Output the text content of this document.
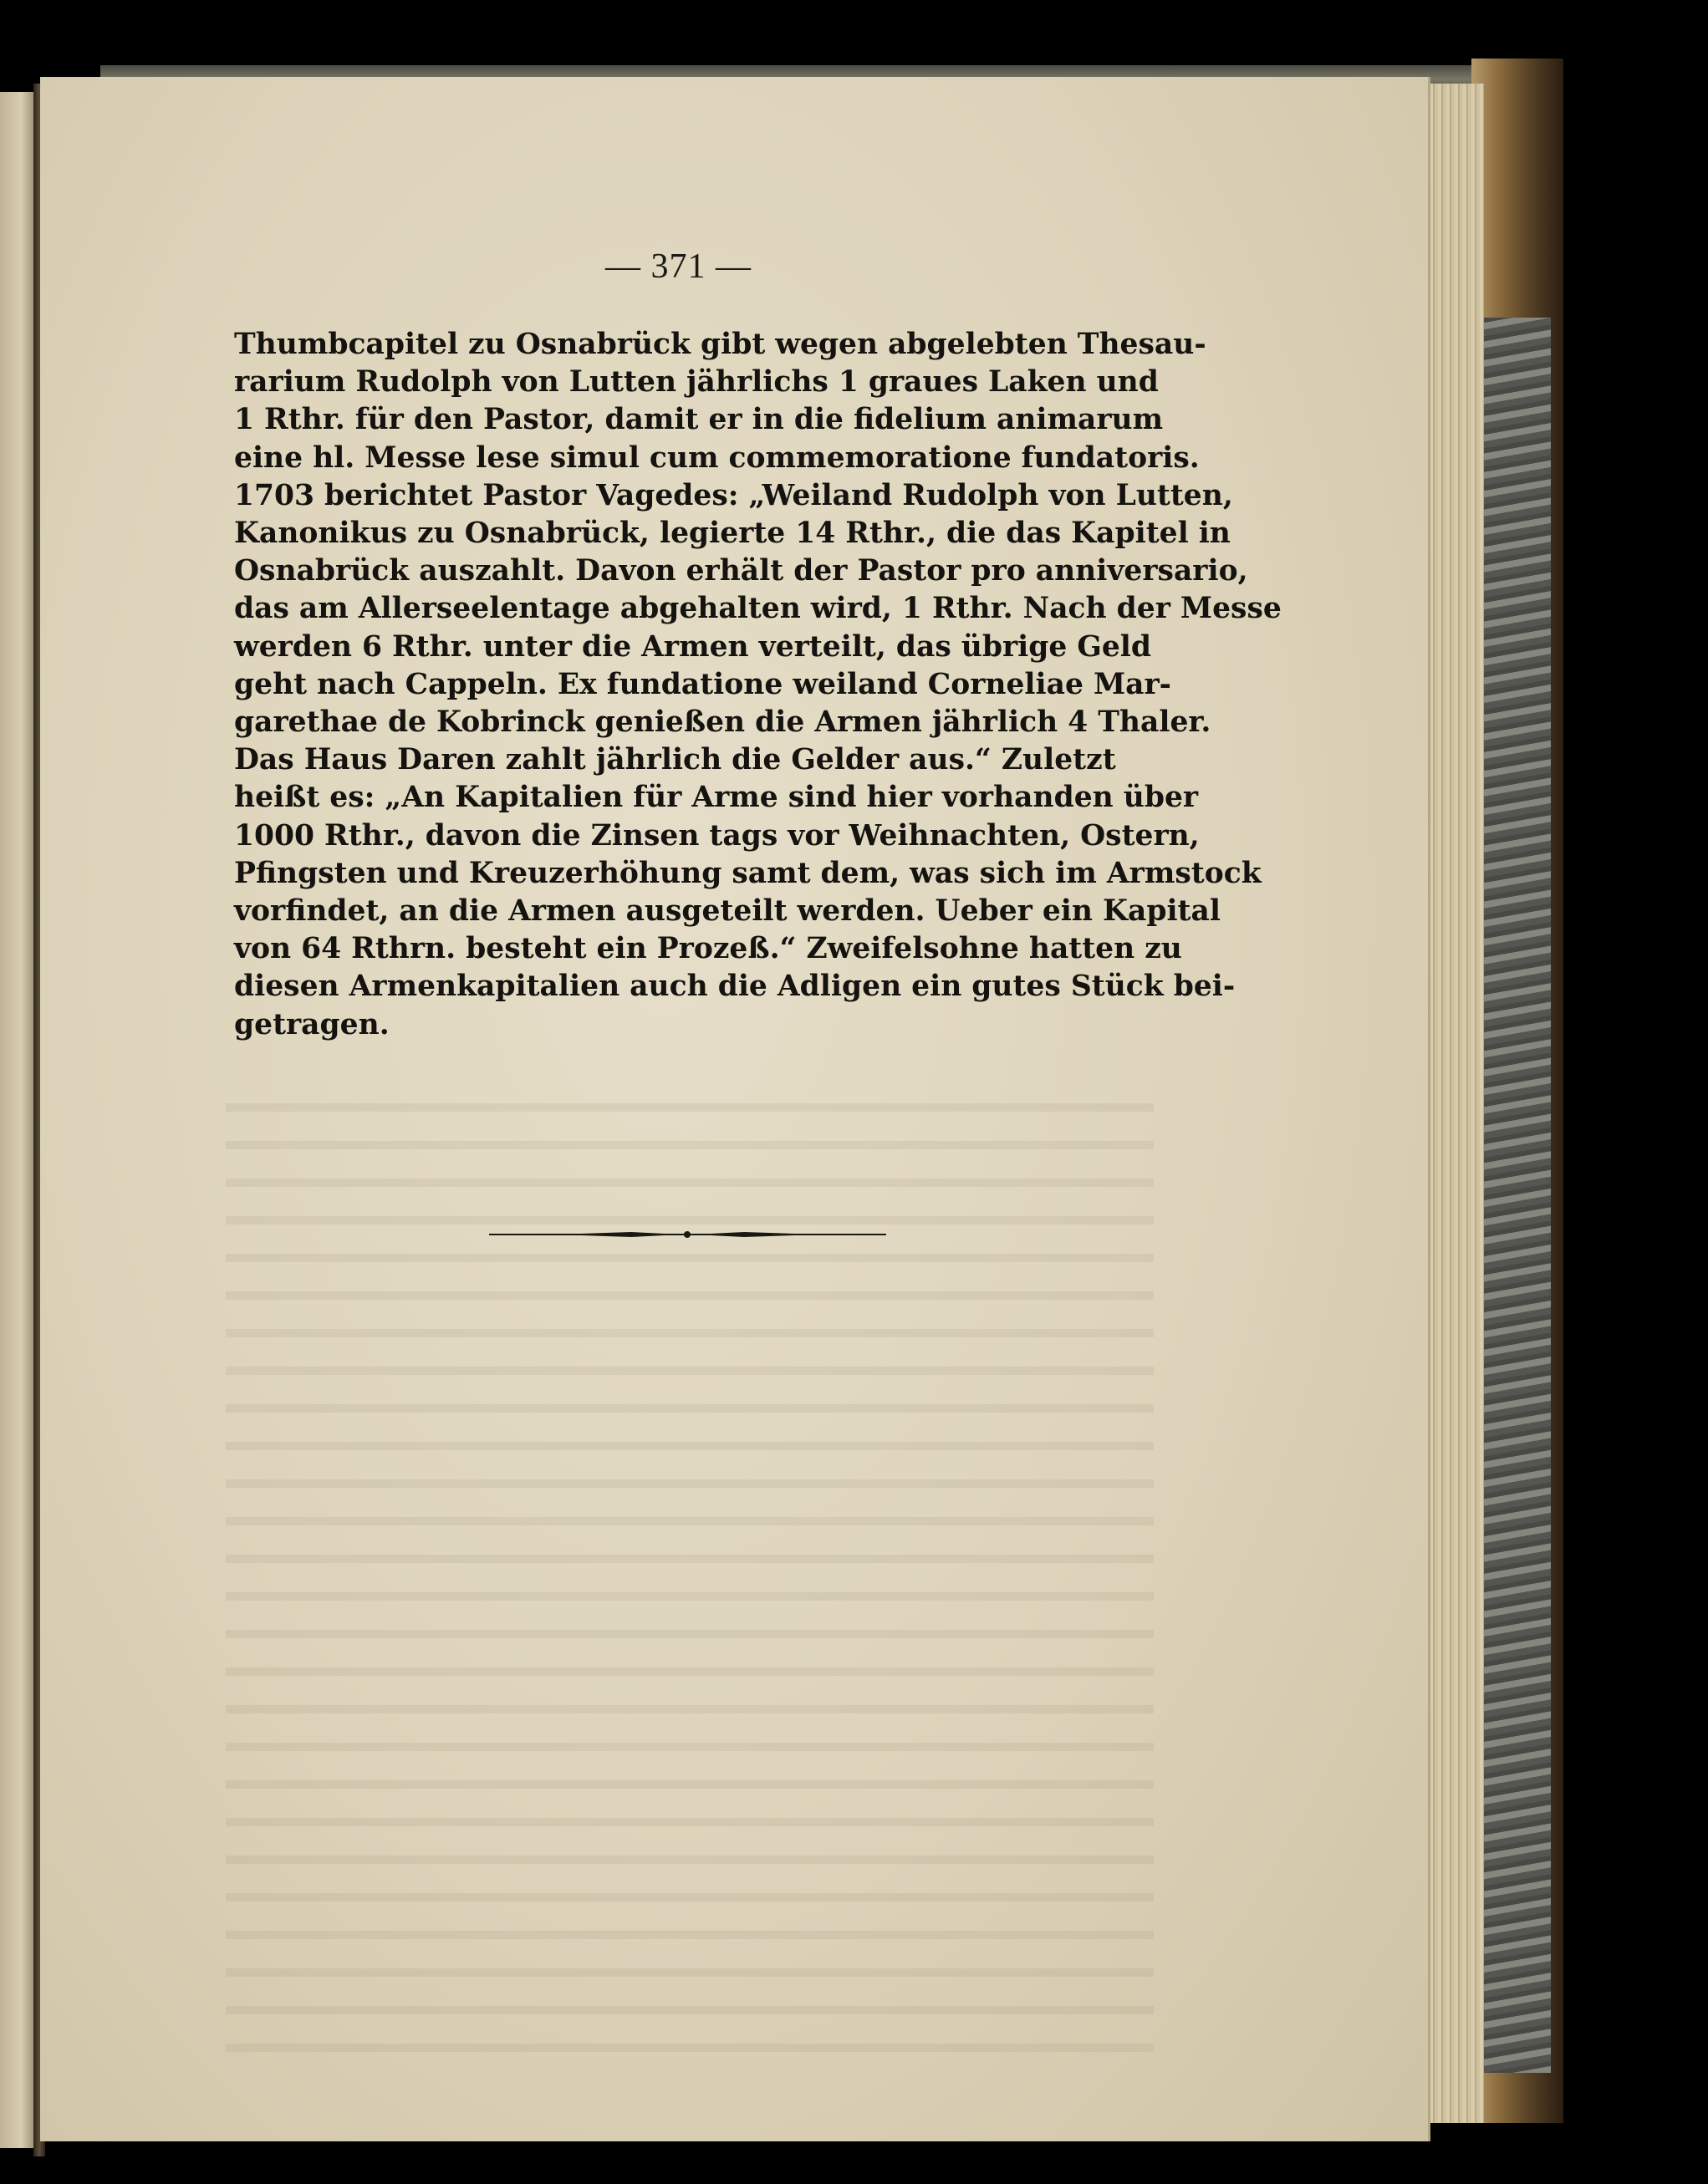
— 371 —
Thumbcapitel zu Osnabrück gibt wegen abgelebten Thesau-
rarium Rudolph von Lutten jährlichs 1 graues Laken und
1 Rthr. für den Pastor, damit er in die fidelium animarum
eine hl. Messe lese simul cum commemoratione fundatoris.
1703 berichtet Pastor Vagedes: „Weiland Rudolph von Lutten,
Kanonikus zu Osnabrück, legierte 14 Rthr., die das Kapitel in
Osnabrück auszahlt. Davon erhält der Pastor pro anniversario,
das am Allerseelentage abgehalten wird, 1 Rthr. Nach der Messe
werden 6 Rthr. unter die Armen verteilt, das übrige Geld
geht nach Cappeln. Ex fundatione weiland Corneliae Mar-
garethae de Kobrinck genießen die Armen jährlich 4 Thaler.
Das Haus Daren zahlt jährlich die Gelder aus.“ Zuletzt
heißt es: „An Kapitalien für Arme sind hier vorhanden über
1000 Rthr., davon die Zinsen tags vor Weihnachten, Ostern,
Pfingsten und Kreuzerhöhung samt dem, was sich im Armstock
vorfindet, an die Armen ausgeteilt werden. Ueber ein Kapital
von 64 Rthrn. besteht ein Prozeß.“ Zweifelsohne hatten zu
diesen Armenkapitalien auch die Adligen ein gutes Stück bei-
getragen.
